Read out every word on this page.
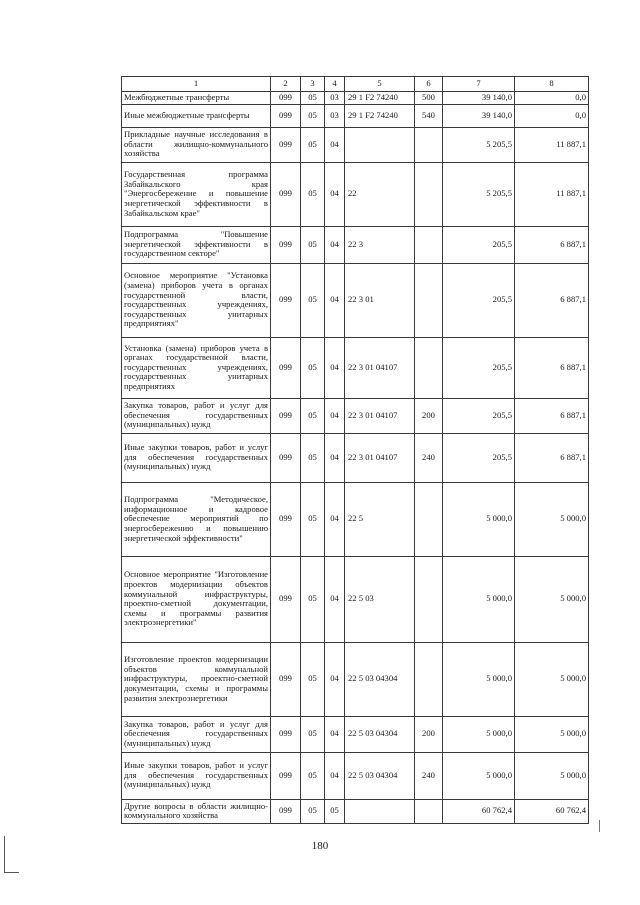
1	2	3	4	5	6	7	8
Межбюджетные трансферты	099	05	03	29 1 F2 74240	500	39 140,0	0,0
Иные межбюджетные трансферты	099	05	03	29 1 F2 74240	540	39 140,0	0,0
Прикладные научные исследования в области жилищно-коммунального хозяйства	099	05	04			5 205,5	11 887,1
Государственная программа Забайкальского края "Энергосбережение и повышение энергетической эффективности в Забайкальском крае"	099	05	04	22		5 205,5	11 887,1
Подпрограмма "Повышение энергетической эффективности в государственном секторе"	099	05	04	22 3		205,5	6 887,1
Основное мероприятие "Установка (замена) приборов учета в органах государственной власти, государственных учреждениях, государственных унитарных предприятиях"	099	05	04	22 3 01		205,5	6 887,1
Установка (замена) приборов учета в органах государственной власти, государственных учреждениях, государственных унитарных предприятиях	099	05	04	22 3 01 04107		205,5	6 887,1
Закупка товаров, работ и услуг для обеспечения государственных (муниципальных) нужд	099	05	04	22 3 01 04107	200	205,5	6 887,1
Иные закупки товаров, работ и услуг для обеспечения государственных (муниципальных) нужд	099	05	04	22 3 01 04107	240	205,5	6 887,1
Подпрограмма "Методическое, информационное и кадровое обеспечение мероприятий по энергосбережению и повышению энергетической эффективности"	099	05	04	22 5		5 000,0	5 000,0
Основное мероприятие "Изготовление проектов модернизации объектов коммунальной инфраструктуры, проектно-сметной документации, схемы и программы развития электроэнергетики"	099	05	04	22 5 03		5 000,0	5 000,0
Изготовление проектов модернизации объектов коммунальной инфраструктуры, проектно-сметной документации, схемы и программы развития электроэнергетики	099	05	04	22 5 03 04304		5 000,0	5 000,0
Закупка товаров, работ и услуг для обеспечения государственных (муниципальных) нужд	099	05	04	22 5 03 04304	200	5 000,0	5 000,0
Иные закупки товаров, работ и услуг для обеспечения государственных (муниципальных) нужд	099	05	04	22 5 03 04304	240	5 000,0	5 000,0
Другие вопросы в области жилищно-коммунального хозяйства	099	05	05			60 762,4	60 762,4
180
